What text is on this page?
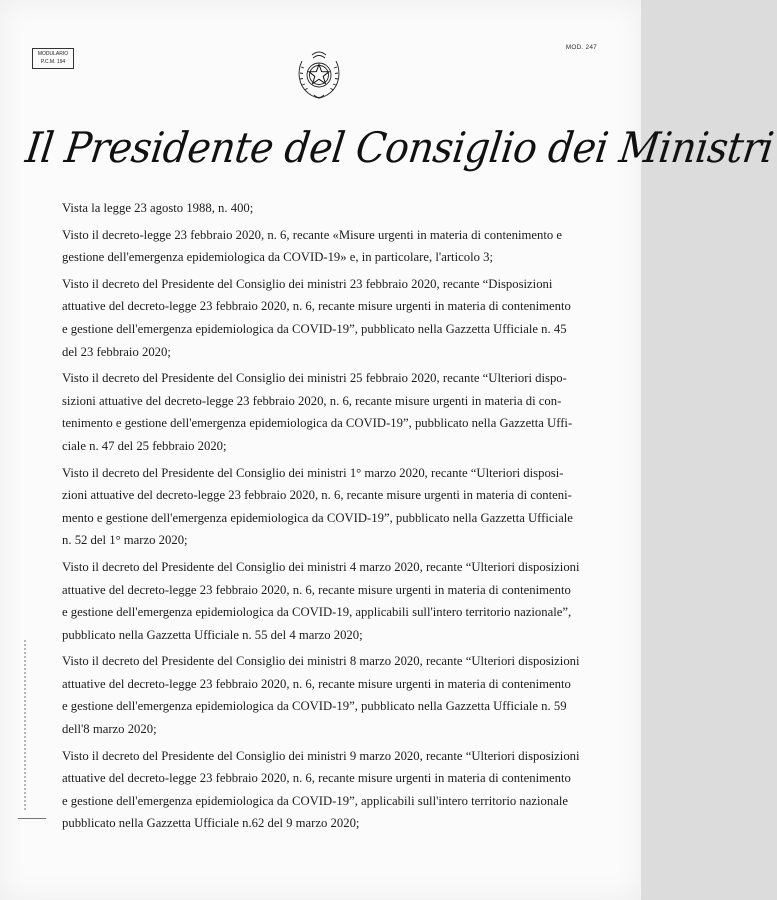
MODULARIO
P.C.M. 194
MOD. 247
Il Presidente del Consiglio dei Ministri
Vista la legge 23 agosto 1988, n. 400;
Visto il decreto-legge 23 febbraio 2020, n. 6, recante «Misure urgenti in materia di contenimento e
gestione dell'emergenza epidemiologica da COVID-19» e, in particolare, l'articolo 3;
Visto il decreto del Presidente del Consiglio dei ministri 23 febbraio 2020, recante “Disposizioni
attuative del decreto-legge 23 febbraio 2020, n. 6, recante misure urgenti in materia di contenimento
e gestione dell'emergenza epidemiologica da COVID-19”, pubblicato nella Gazzetta Ufficiale n. 45
del 23 febbraio 2020;
Visto il decreto del Presidente del Consiglio dei ministri 25 febbraio 2020, recante “Ulteriori dispo-
sizioni attuative del decreto-legge 23 febbraio 2020, n. 6, recante misure urgenti in materia di con-
tenimento e gestione dell'emergenza epidemiologica da COVID-19”, pubblicato nella Gazzetta Uffi-
ciale n. 47 del 25 febbraio 2020;
Visto il decreto del Presidente del Consiglio dei ministri 1° marzo 2020, recante “Ulteriori disposi-
zioni attuative del decreto-legge 23 febbraio 2020, n. 6, recante misure urgenti in materia di conteni-
mento e gestione dell'emergenza epidemiologica da COVID-19”, pubblicato nella Gazzetta Ufficiale
n. 52 del 1° marzo 2020;
Visto il decreto del Presidente del Consiglio dei ministri 4 marzo 2020, recante “Ulteriori disposizioni
attuative del decreto-legge 23 febbraio 2020, n. 6, recante misure urgenti in materia di contenimento
e gestione dell'emergenza epidemiologica da COVID-19, applicabili sull'intero territorio nazionale”,
pubblicato nella Gazzetta Ufficiale n. 55 del 4 marzo 2020;
Visto il decreto del Presidente del Consiglio dei ministri 8 marzo 2020, recante “Ulteriori disposizioni
attuative del decreto-legge 23 febbraio 2020, n. 6, recante misure urgenti in materia di contenimento
e gestione dell'emergenza epidemiologica da COVID-19”, pubblicato nella Gazzetta Ufficiale n. 59
dell'8 marzo 2020;
Visto il decreto del Presidente del Consiglio dei ministri 9 marzo 2020, recante “Ulteriori disposizioni
attuative del decreto-legge 23 febbraio 2020, n. 6, recante misure urgenti in materia di contenimento
e gestione dell'emergenza epidemiologica da COVID-19”, applicabili sull'intero territorio nazionale
pubblicato nella Gazzetta Ufficiale n.62 del 9 marzo 2020;
